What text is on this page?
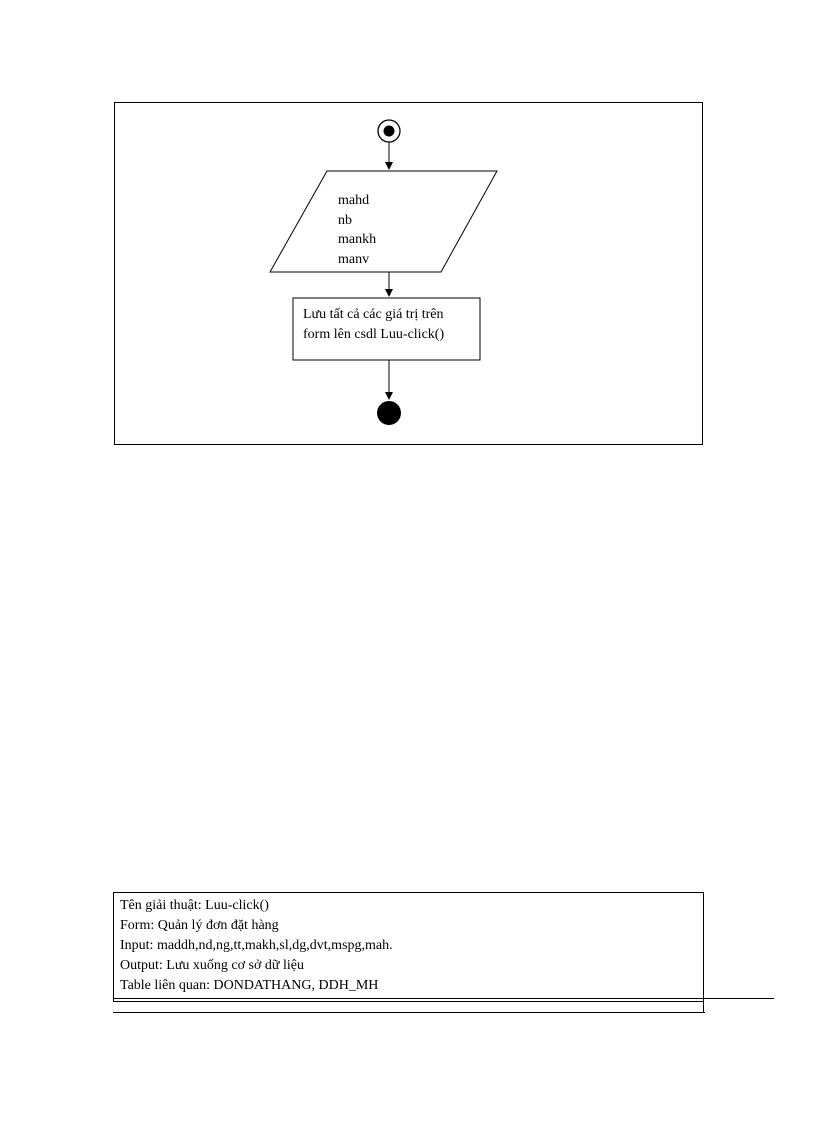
mahd
nb
mankh
manv
Lưu tất cả các giá trị trên
form lên csdl Luu-click()
Tên giải thuật: Luu-click()
Form: Quản lý đơn đặt hàng
Input: maddh,nd,ng,tt,makh,sl,dg,dvt,mspg,mah.
Output: Lưu xuống cơ sở dữ liệu
Table liên quan: DONDATHANG, DDH_MH
